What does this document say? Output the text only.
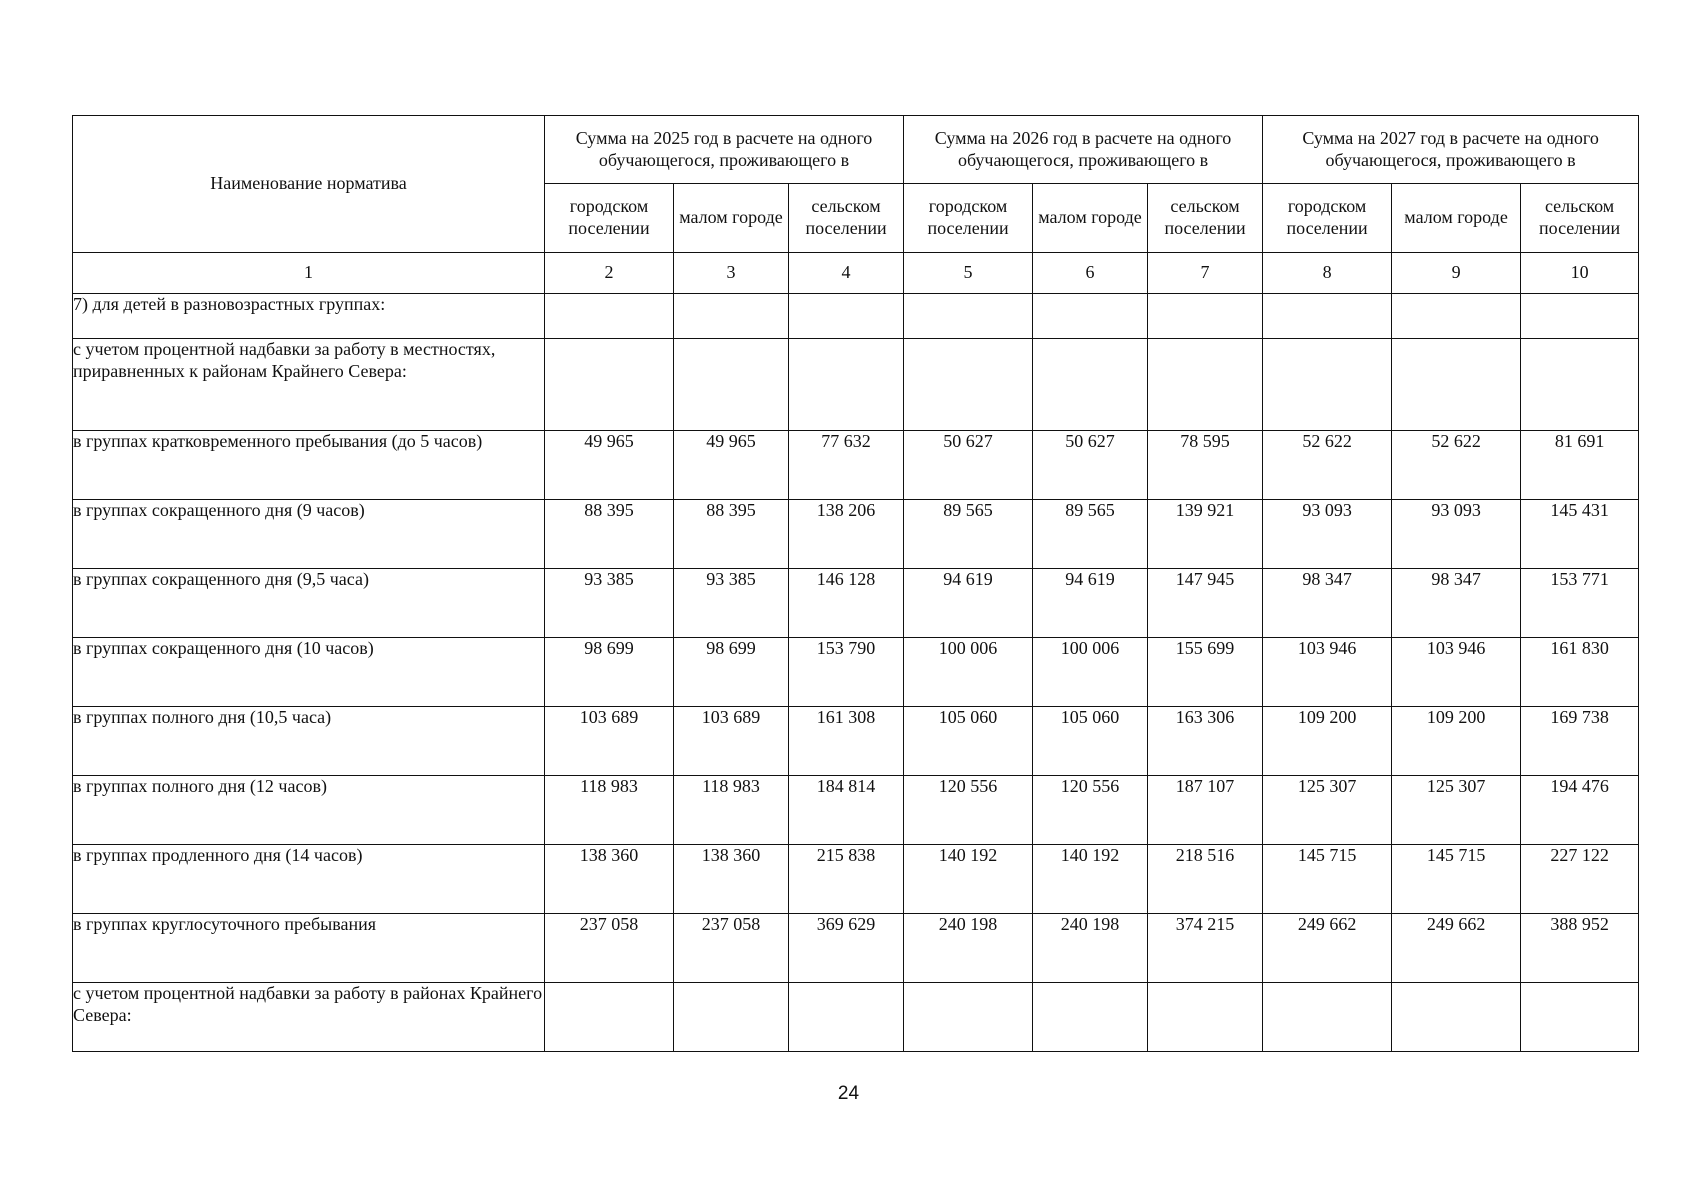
Наименование норматива	Сумма на 2025 год в расчете на одного обучающегося, проживающего в			Сумма на 2026 год в расчете на одного обучающегося, проживающего в			Сумма на 2027 год в расчете на одного обучающегося, проживающего в		
	городском поселении	малом городе	сельском поселении	городском поселении	малом городе	сельском поселении	городском поселении	малом городе	сельском поселении
1	2	3	4	5	6	7	8	9	10
7) для детей в разновозрастных группах:									
с учетом процентной надбавки за работу в местностях, приравненных к районам Крайнего Севера:									
в группах кратковременного пребывания (до 5 часов)	49 965	49 965	77 632	50 627	50 627	78 595	52 622	52 622	81 691
в группах сокращенного дня (9 часов)	88 395	88 395	138 206	89 565	89 565	139 921	93 093	93 093	145 431
в группах сокращенного дня (9,5 часа)	93 385	93 385	146 128	94 619	94 619	147 945	98 347	98 347	153 771
в группах сокращенного дня (10 часов)	98 699	98 699	153 790	100 006	100 006	155 699	103 946	103 946	161 830
в группах полного дня (10,5 часа)	103 689	103 689	161 308	105 060	105 060	163 306	109 200	109 200	169 738
в группах полного дня (12 часов)	118 983	118 983	184 814	120 556	120 556	187 107	125 307	125 307	194 476
в группах продленного дня (14 часов)	138 360	138 360	215 838	140 192	140 192	218 516	145 715	145 715	227 122
в группах круглосуточного пребывания	237 058	237 058	369 629	240 198	240 198	374 215	249 662	249 662	388 952
с учетом процентной надбавки за работу в районах Крайнего Севера:									
24
